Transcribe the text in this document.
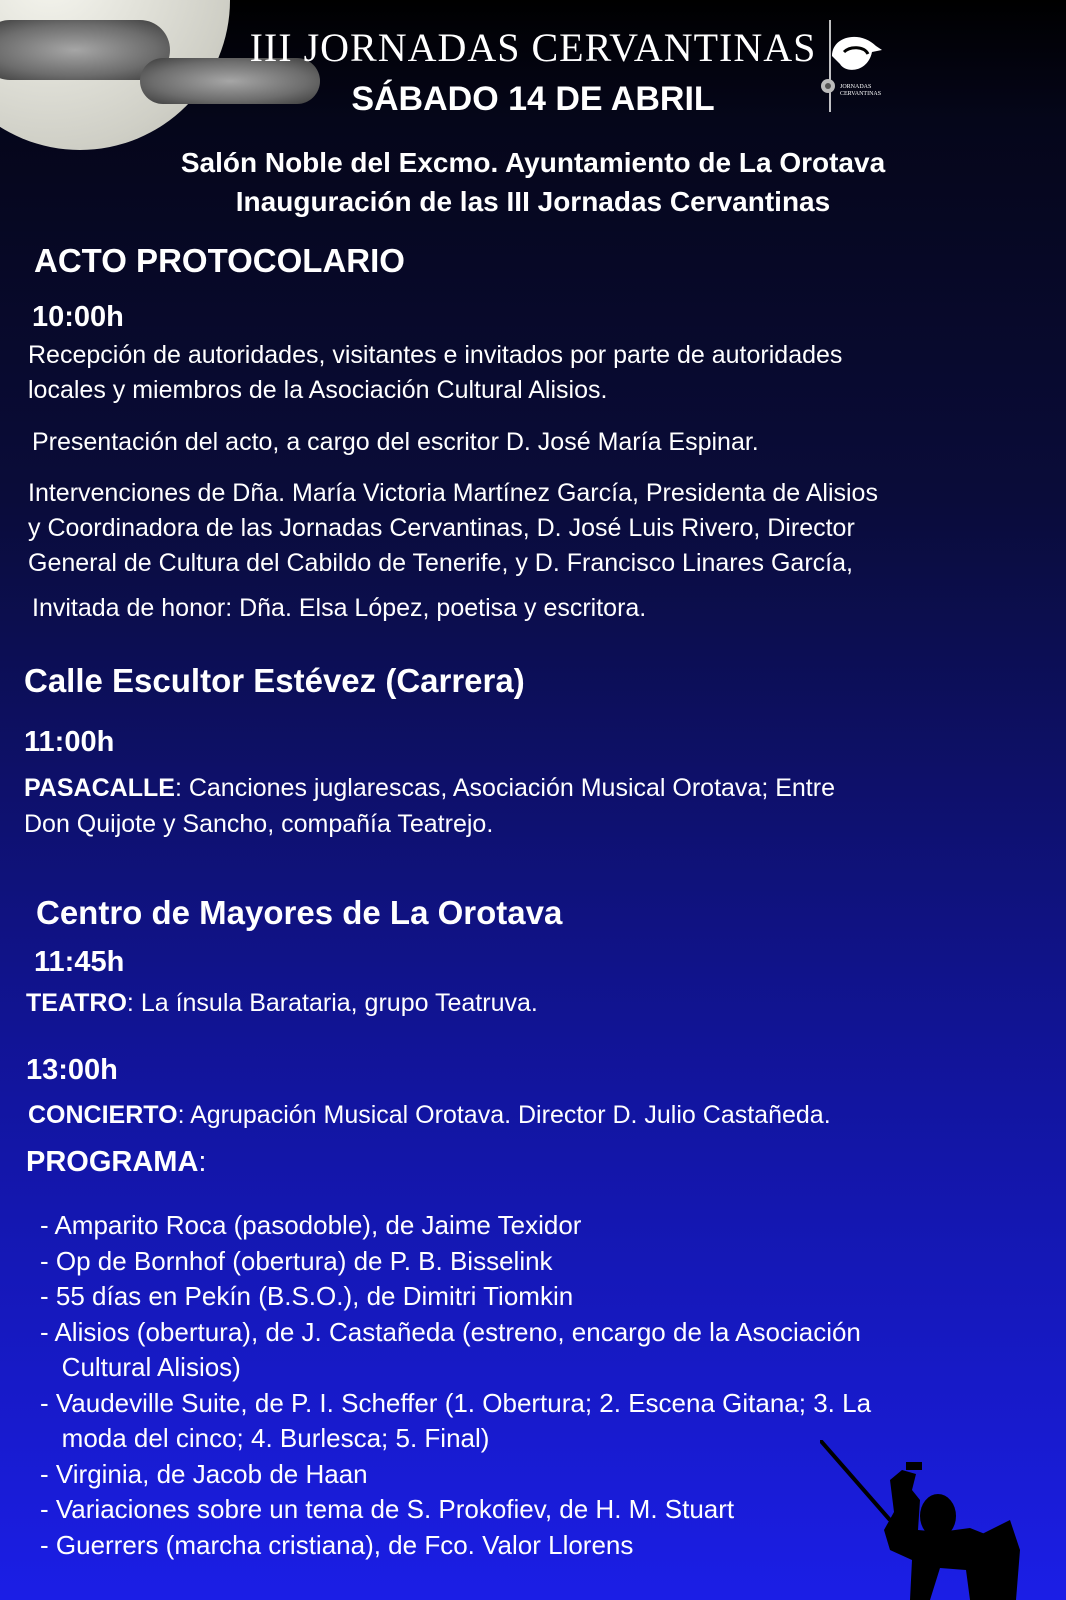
III JORNADAS CERVANTINAS
SÁBADO 14 DE ABRIL	JORNADAS
CERVANTINAS
Salón Noble del Excmo. Ayuntamiento de La Orotava
Inauguración de las III Jornadas Cervantinas
ACTO PROTOCOLARIO
10:00h
Recepción de autoridades, visitantes e invitados por parte de autoridades
locales y miembros de la Asociación Cultural Alisios.
Presentación del acto, a cargo del escritor D. José María Espinar.
Intervenciones de Dña. María Victoria Martínez García, Presidenta de Alisios
y Coordinadora de las Jornadas Cervantinas, D. José Luis Rivero, Director
General de Cultura del Cabildo de Tenerife, y D. Francisco Linares García,
Invitada de honor: Dña. Elsa López, poetisa y escritora.
Calle Escultor Estévez (Carrera)
11:00h
PASACALLE: Canciones juglarescas, Asociación Musical Orotava; Entre
Don Quijote y Sancho, compañía Teatrejo.
Centro de Mayores de La Orotava
11:45h
TEATRO: La ínsula Barataria, grupo Teatruva.
13:00h
CONCIERTO: Agrupación Musical Orotava. Director D. Julio Castañeda.
PROGRAMA:
- Amparito Roca (pasodoble), de Jaime Texidor
- Op de Bornhof (obertura) de P. B. Bisselink
- 55 días en Pekín (B.S.O.), de Dimitri Tiomkin
- Alisios (obertura), de J. Castañeda (estreno, encargo de la Asociación
Cultural Alisios)
- Vaudeville Suite, de P. I. Scheffer (1. Obertura; 2. Escena Gitana; 3. La
moda del cinco; 4. Burlesca; 5. Final)
- Virginia, de Jacob de Haan
- Variaciones sobre un tema de S. Prokofiev, de H. M. Stuart
- Guerrers (marcha cristiana), de Fco. Valor Llorens
